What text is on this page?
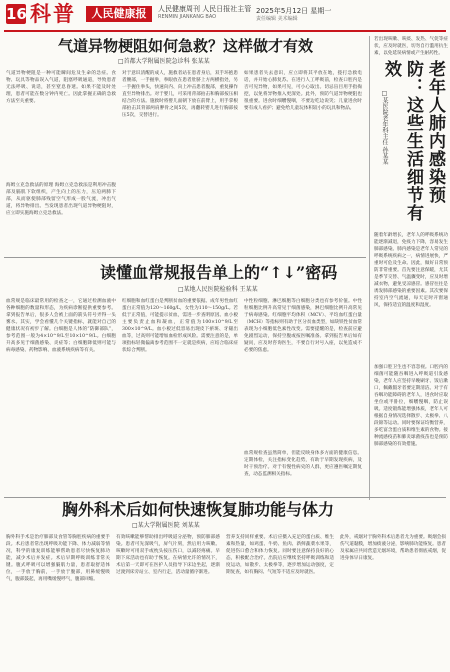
16 科普	人民健康报	人民健康周刊 人民日报社主管
RENMIN JIANKANG BAO
2025年5月12日 星期一
责任编辑 美术编辑
气道异物梗阻如何急救？这样做才有效
□首都大学附属医院急诊科 张某某

气道异物梗阻是一种可能瞬间危及生命的急症。食物、玩具等物品误入气道，阻塞呼吸通道，导致患者无法呼吸、说话，甚至窒息昏迷。如果不能及时处理，患者可能在数分钟内死亡。因此掌握正确的急救方法至关重要。

海姆立克急救法的原理 海姆立克急救法是利用冲击腹部及膈肌下软组织，产生向上的压力，压迫两肺下部，从而驱使肺部残留空气形成一股气流，冲出气道，将异物排出。当发现患者出现气道异物梗阻时，应立即实施海姆立克急救法。

对于意识清醒的成人，施救者站在患者身后，双手环抱患者腰部，一手握拳，拳眼放在患者肚脐上方两横指处，另一手握住拳头，快速向内、向上冲击患者腹部，重复操作直至异物排出。对于婴儿，可采用背部拍击和胸部按压相结合的方法。施救时将婴儿面朝下放在前臂上，用手掌根部拍击其背部两肩胛骨之间5次，再翻转婴儿进行胸部按压5次，交替进行。

如果患者失去意识，应立即将其平放在地，拨打急救电话，并开始心肺复苏。在进行人工呼吸前，检查口腔内是否可见异物，如果可见，可小心取出。切忌盲目用手指掏挖，以免将异物推入更深处。此外，预防气道异物梗阻也很重要。进食时细嚼慢咽，不要边吃边说笑；儿童进食时要有成人看护；避免给儿童玩体积较小的玩具和物品。	老年人肺内感染预防：这些生活细节有效
□某医院老年科主任 孙某某

若出现咳嗽、咳痰、发热、气促等症状，应及时就医，切勿自行滥用抗生素，以免延误病情或产生耐药性。

随着年龄增长，老年人的呼吸系统功能逐渐减退，免疫力下降，容易发生肺部感染。肺内感染是老年人常见的呼吸系统疾病之一，病情进展快，严重时可危及生命。因此，做好日常预防非常重要。首先要注意保暖，尤其是季节交替、气温骤变时，应及时增减衣物，避免受凉感冒。感冒往往是诱发肺部感染的重要因素。其次要保持室内空气流通，每天定时开窗通风，保持适宜的温度和湿度。

加强口腔卫生也不容忽视。口腔内的细菌可能随吞咽进入呼吸道引发感染，老年人应坚持早晚刷牙、饭后漱口，佩戴假牙者要定期清洁。对于有吞咽功能障碍的老年人，进食时应取坐位或半卧位，细嚼慢咽，防止误吸。适度锻炼能增强体质，老年人可根据自身情况选择散步、太极拳、八段锦等运动。同时要保证均衡营养，多吃富含蛋白质和维生素的食物。接种流感疫苗和肺炎球菌疫苗也是预防肺部感染的有效措施。

读懂血常规报告单上的“↑↓”密码
□某地人民医院检验科 王某某

血常规是临床最常用的检查之一，它通过检测血液中各种细胞的数量和形态，为疾病诊断提供重要参考。拿到报告单后，很多人会被上面的箭头符号弄得一头雾水。其实，学会看懂几个关键指标，就能对自己的健康状况有初步了解。白细胞是人体的“防御部队”，参考范围一般为4×10^9/L至10×10^9/L。白细胞升高多见于细菌感染、炎症等；白细胞降低则可能与病毒感染、药物影响、血液系统疾病等有关。

红细胞和血红蛋白是判断贫血的重要依据。成年男性血红蛋白正常值为120～160g/L，女性为110～150g/L。若低于正常值，可能提示贫血，需进一步查明原因。血小板主要负责止血和凝血，正常值为100×10^9/L至300×10^9/L。血小板过低容易出现皮下瘀斑、牙龈出血等，过高则可能增加血栓形成风险。需要注意的是，单项指标轻微偏离参考范围不一定就是疾病，应结合临床症状综合判断。

中性粒细胞、淋巴细胞等白细胞分类也有参考价值。中性粒细胞比例升高常见于细菌感染，淋巴细胞比例升高常见于病毒感染。红细胞平均体积（MCV）、平均血红蛋白量（MCH）等指标则有助于区分贫血类型，如缺铁性贫血常表现为小细胞低色素性改变。需要提醒的是，检查前应避免剧烈运动，保持空腹或按医嘱准备。拿到报告单后如有疑问，应及时咨询医生，不要自行对号入座，以免造成不必要的焦虑。

血常规检查虽然简单，但能反映身体多方面的健康信息。定期体检，关注指标变化趋势，有助于早期发现疾病，及时干预治疗。对于有慢性病史的人群，更应遵医嘱定期复查，动态监测相关指标。

胸外科术后如何快速恢复肺功能与体力
□某大学附属医院 刘某某

胸外科手术是治疗肺部及食管等胸腔疾病的重要手段。术后患者常出现呼吸功能下降、体力减弱等情况，科学的康复训练能够帮助患者尽快恢复肺功能，减少术后并发症。术后早期呼吸训练非常关键。腹式呼吸可以增强膈肌力量，患者取舒适体位，一手放于胸前，一手放于腹部，用鼻缓慢吸气，腹部鼓起，再用嘴缓慢呼气，腹部回缩。

有效咳嗽能够帮助排出呼吸道分泌物，预防肺部感染。患者可先深吸气，屏气片刻，然后用力咳嗽。咳嗽时可用双手或枕头按压伤口，以减轻疼痛。早期下床活动也有助于恢复。在病情允许的情况下，术后第一天即可在医护人员指导下床边坐起，逐渐过渡到床旁站立、室内行走，活动量循序渐进。

营养支持同样重要。术后应摄入充足的蛋白质、维生素和热量，如鸡蛋、牛奶、鱼肉、新鲜蔬菜水果等，促进伤口愈合和体力恢复。同时要注意保持良好的心态，积极配合治疗。出院后应继续坚持呼吸训练和适度运动，如散步、太极拳等，逐步增加运动强度，定期复查，如有胸闷、气短等不适应及时就医。

此外，戒烟对于胸外科术后患者尤为重要。吸烟会损伤气道黏膜，增加痰液分泌，影响肺功能恢复。患者及家属应共同营造无烟环境，帮助患者彻底戒烟，促进身体早日康复。
